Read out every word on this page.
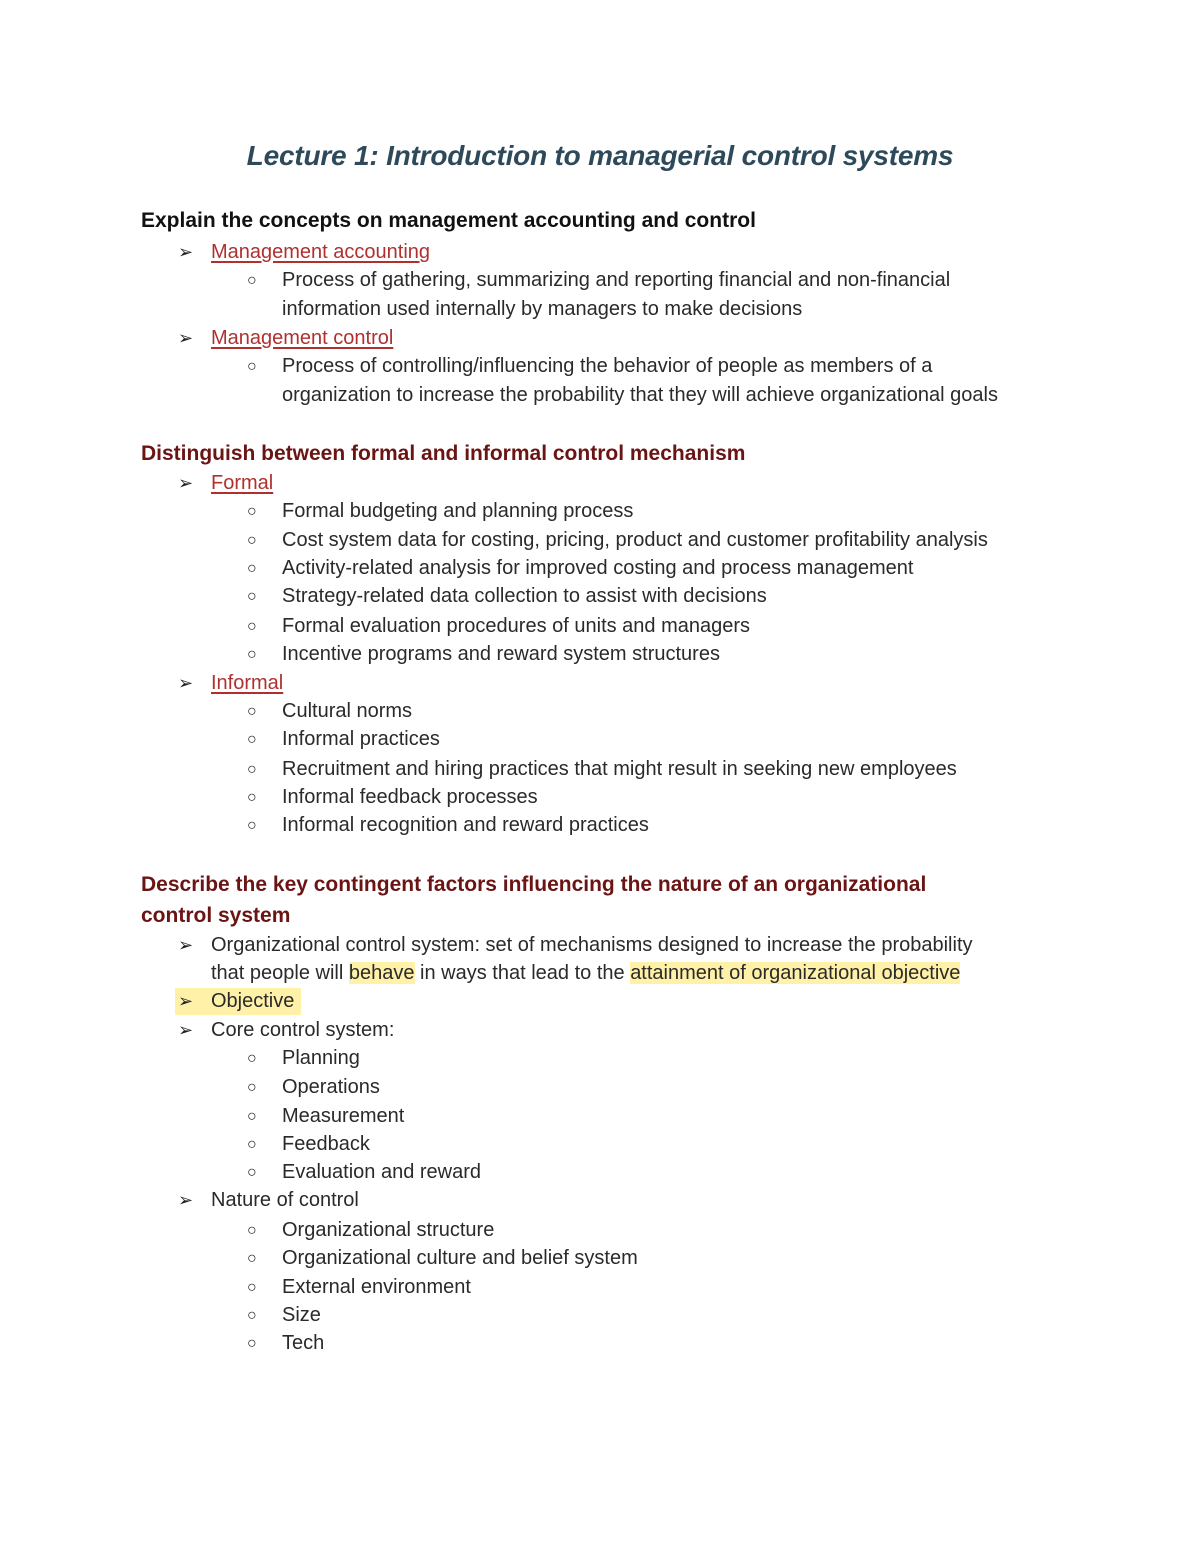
Lecture 1: Introduction to managerial control systems
Explain the concepts on management accounting and control
➢ Management accounting
○ Process of gathering, summarizing and reporting financial and non-financial
information used internally by managers to make decisions
➢ Management control
○ Process of controlling/influencing the behavior of people as members of a
organization to increase the probability that they will achieve organizational goals
Distinguish between formal and informal control mechanism
➢ Formal
○ Formal budgeting and planning process
○ Cost system data for costing, pricing, product and customer profitability analysis
○ Activity-related analysis for improved costing and process management
○ Strategy-related data collection to assist with decisions
○ Formal evaluation procedures of units and managers
○ Incentive programs and reward system structures
➢ Informal
○ Cultural norms
○ Informal practices
○ Recruitment and hiring practices that might result in seeking new employees
○ Informal feedback processes
○ Informal recognition and reward practices
Describe the key contingent factors influencing the nature of an organizational
control system
➢ Organizational control system: set of mechanisms designed to increase the probability
that people will behave in ways that lead to the attainment of organizational objective
➢ Objective
➢ Core control system:
○ Planning
○ Operations
○ Measurement
○ Feedback
○ Evaluation and reward
➢ Nature of control
○ Organizational structure
○ Organizational culture and belief system
○ External environment
○ Size
○ Tech
